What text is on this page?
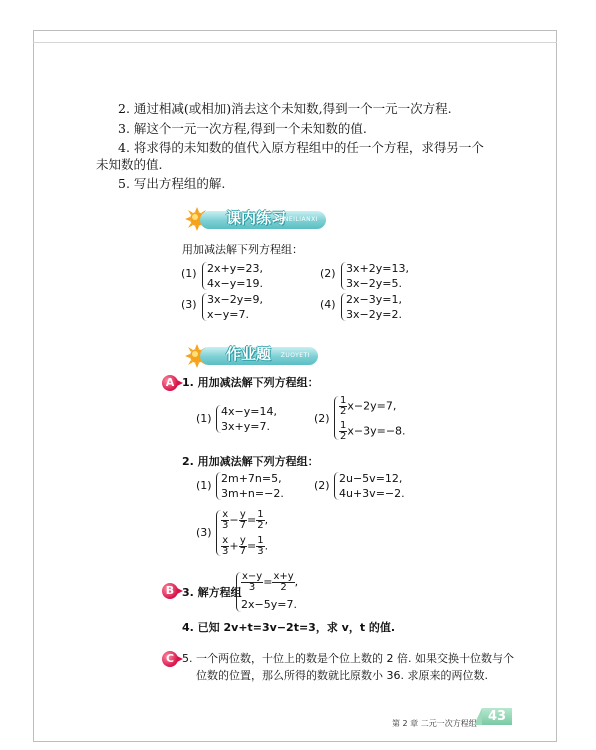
2. 通过相减(或相加)消去这个未知数,得到一个一元一次方程.
3. 解这个一元一次方程,得到一个未知数的值.
4. 将求得的未知数的值代入原方程组中的任一个方程，求得另一个
未知数的值.
5. 写出方程组的解.
课内练习
KENEILIANXI
用加减法解下列方程组：
(1) 2x+y=23,
4x−y=19.
(2) 3x+2y=13,
3x−2y=5.
(3) 3x−2y=9,
x−y=7.
(4) 2x−3y=1,
3x−2y=2.
作业题 ZUOYETI
A 1. 用加减法解下列方程组：
(1)
4x−y=14,
3x+y=7.
(2)
$\frac{1}{2} x-2y=7$,
$\frac{1}{2} x-3y=-8$.
2. 用加减法解下列方程组：
(1)
2m+7n=5,
3m+n=−2.
(2)
2u−5v=12,
4u+3v=−2.
(3)
$\frac{x}{3} - \frac{y}{7} = \frac{1}{2}$ ,
$\frac{x}{3} + \frac{y}{7} = \frac{1}{3}$ .
B 3. 解方程组 $\frac{x-y}{3} = \frac{x+y}{2}$ ,
2x−5y=7.
4. 已知 2v+t=3v−2t=3，求 v，t 的值.
C 5. 一个两位数，十位上的数是个位上数的 2 倍. 如果交换十位数与个
位数的位置，那么所得的数就比原数小 36. 求原来的两位数.
第 2 章 二元一次方程组 43
